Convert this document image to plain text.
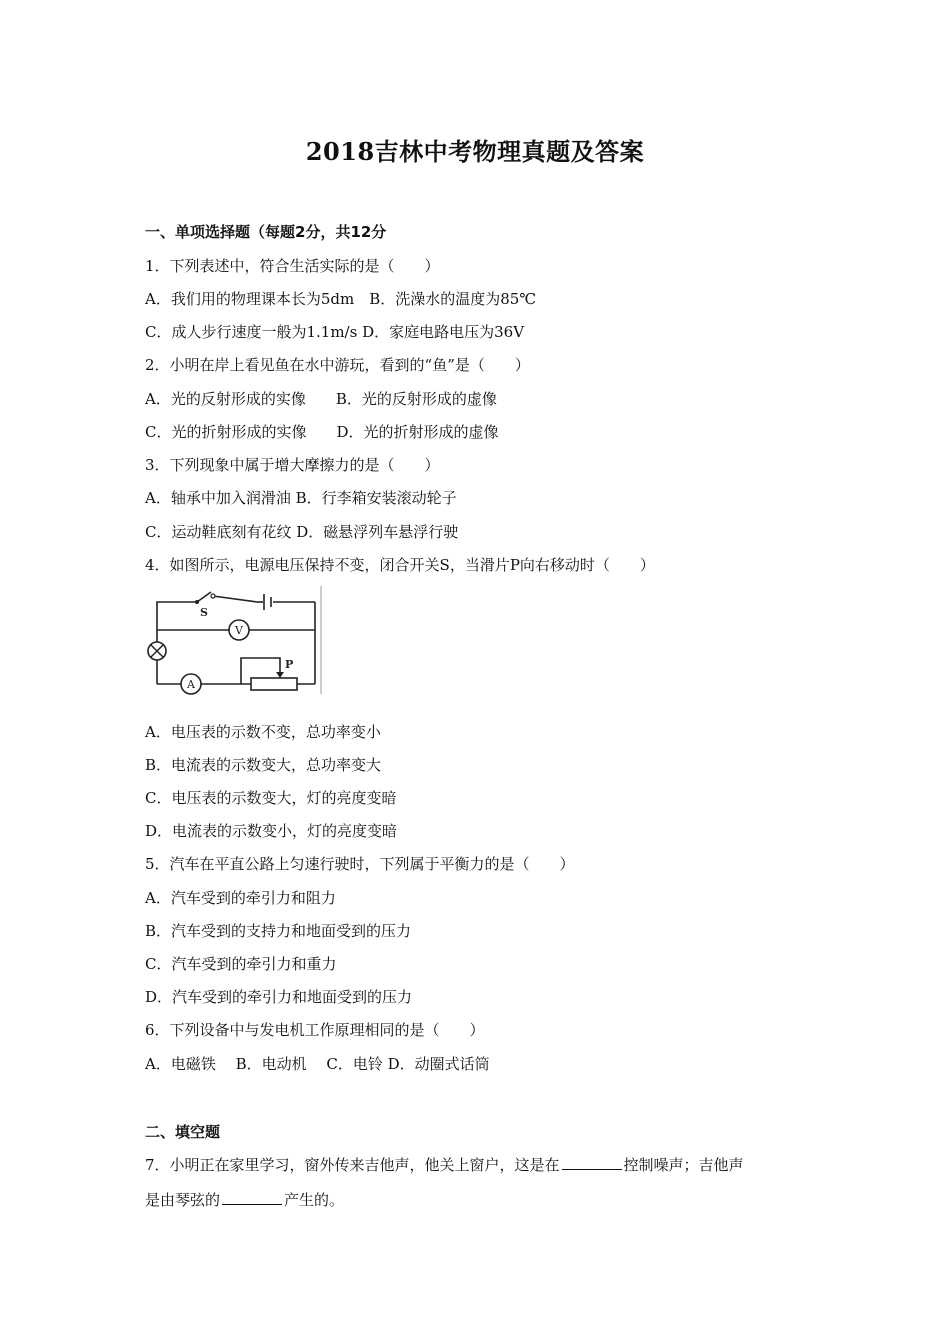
2018吉林中考物理真题及答案
一、单项选择题（每题2分，共12分
1．下列表述中，符合生活实际的是（　　）
A．我们用的物理课本长为5dm　B．洗澡水的温度为85℃
C．成人步行速度一般为1.1m/s D．家庭电路电压为36V
2．小明在岸上看见鱼在水中游玩，看到的“鱼”是（　　）
A．光的反射形成的实像　　B．光的反射形成的虚像
C．光的折射形成的实像　　D．光的折射形成的虚像
3．下列现象中属于增大摩擦力的是（　　）
A．轴承中加入润滑油 B．行李箱安装滚动轮子
C．运动鞋底刻有花纹 D．磁悬浮列车悬浮行驶
4．如图所示，电源电压保持不变，闭合开关S，当滑片P向右移动时（　　）
S
V
A
P
A．电压表的示数不变，总功率变小
B．电流表的示数变大，总功率变大
C．电压表的示数变大，灯的亮度变暗
D．电流表的示数变小，灯的亮度变暗
5．汽车在平直公路上匀速行驶时，下列属于平衡力的是（　　）
A．汽车受到的牵引力和阻力
B．汽车受到的支持力和地面受到的压力
C．汽车受到的牵引力和重力
D．汽车受到的牵引力和地面受到的压力
6．下列设备中与发电机工作原理相同的是（　　）
A．电磁铁　 B．电动机　 C．电铃 D．动圈式话筒
二、填空题
7．小明正在家里学习，窗外传来吉他声，他关上窗户，这是在	控制噪声；吉他声
是由琴弦的	产生的。
